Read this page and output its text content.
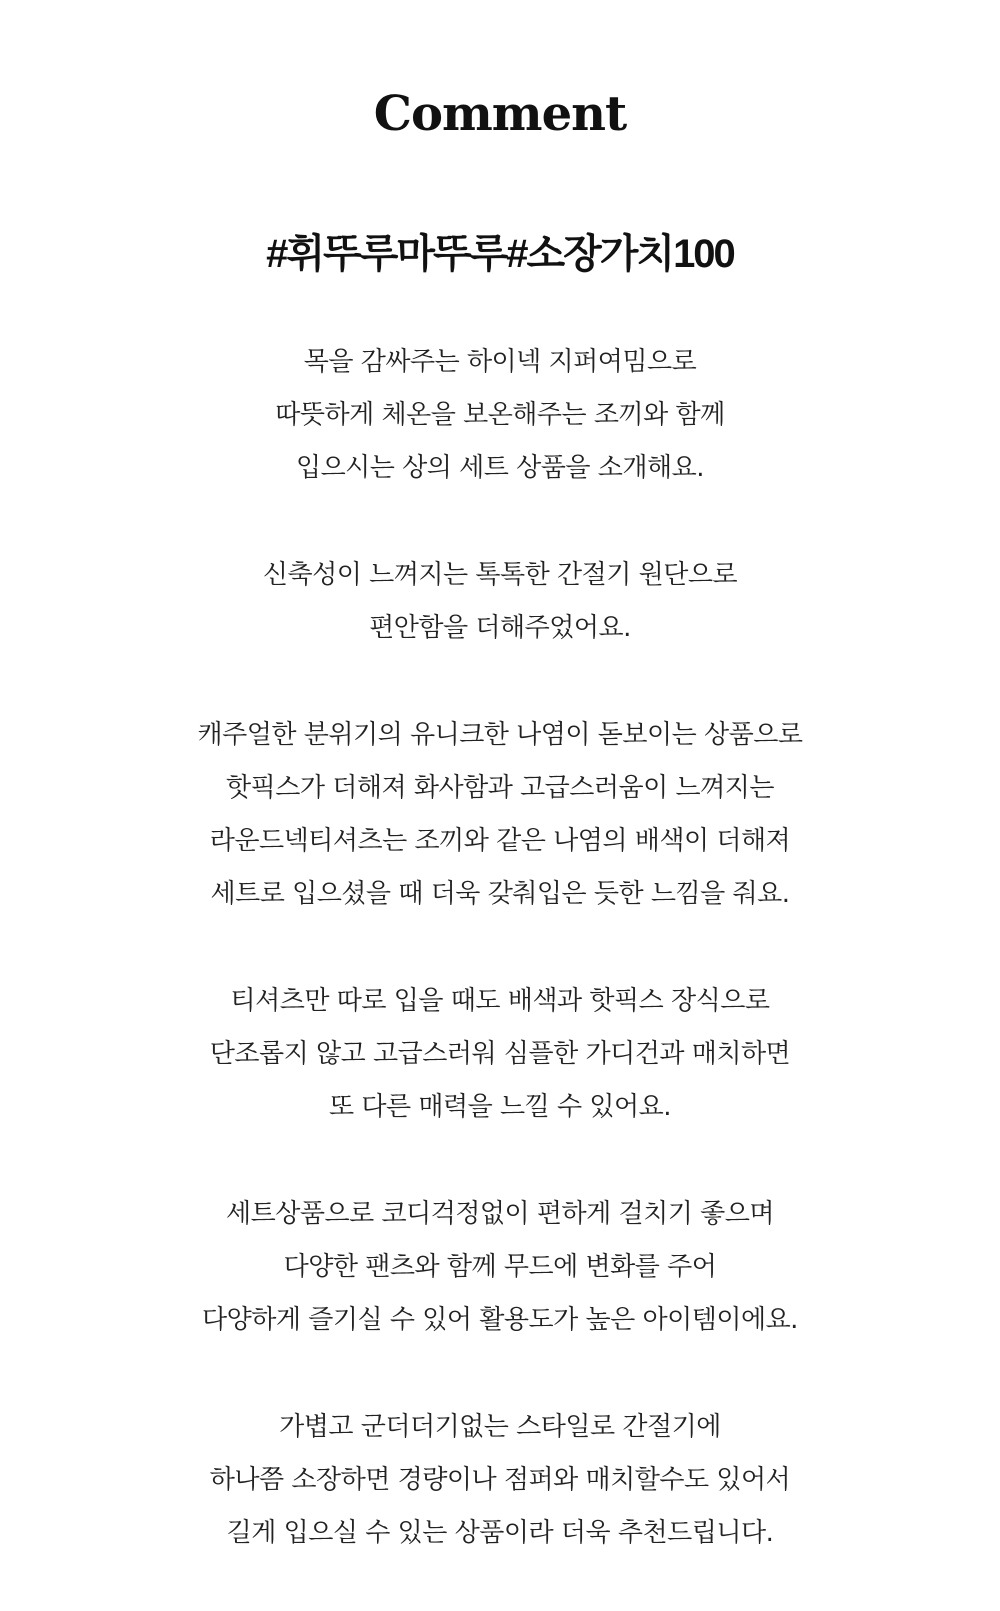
Comment
#휘뚜루마뚜루#소장가치100

목을 감싸주는 하이넥 지퍼여밈으로
따뜻하게 체온을 보온해주는 조끼와 함께
입으시는 상의 세트 상품을 소개해요.

신축성이 느껴지는 톡톡한 간절기 원단으로
편안함을 더해주었어요.

캐주얼한 분위기의 유니크한 나염이 돋보이는 상품으로
핫픽스가 더해져 화사함과 고급스러움이 느껴지는
라운드넥티셔츠는 조끼와 같은 나염의 배색이 더해져
세트로 입으셨을 때 더욱 갖춰입은 듯한 느낌을 줘요.

티셔츠만 따로 입을 때도 배색과 핫픽스 장식으로
단조롭지 않고 고급스러워 심플한 가디건과 매치하면
또 다른 매력을 느낄 수 있어요.

세트상품으로 코디걱정없이 편하게 걸치기 좋으며
다양한 팬츠와 함께 무드에 변화를 주어
다양하게 즐기실 수 있어 활용도가 높은 아이템이에요.

가볍고 군더더기없는 스타일로 간절기에
하나쯤 소장하면 경량이나 점퍼와 매치할수도 있어서
길게 입으실 수 있는 상품이라 더욱 추천드립니다.
